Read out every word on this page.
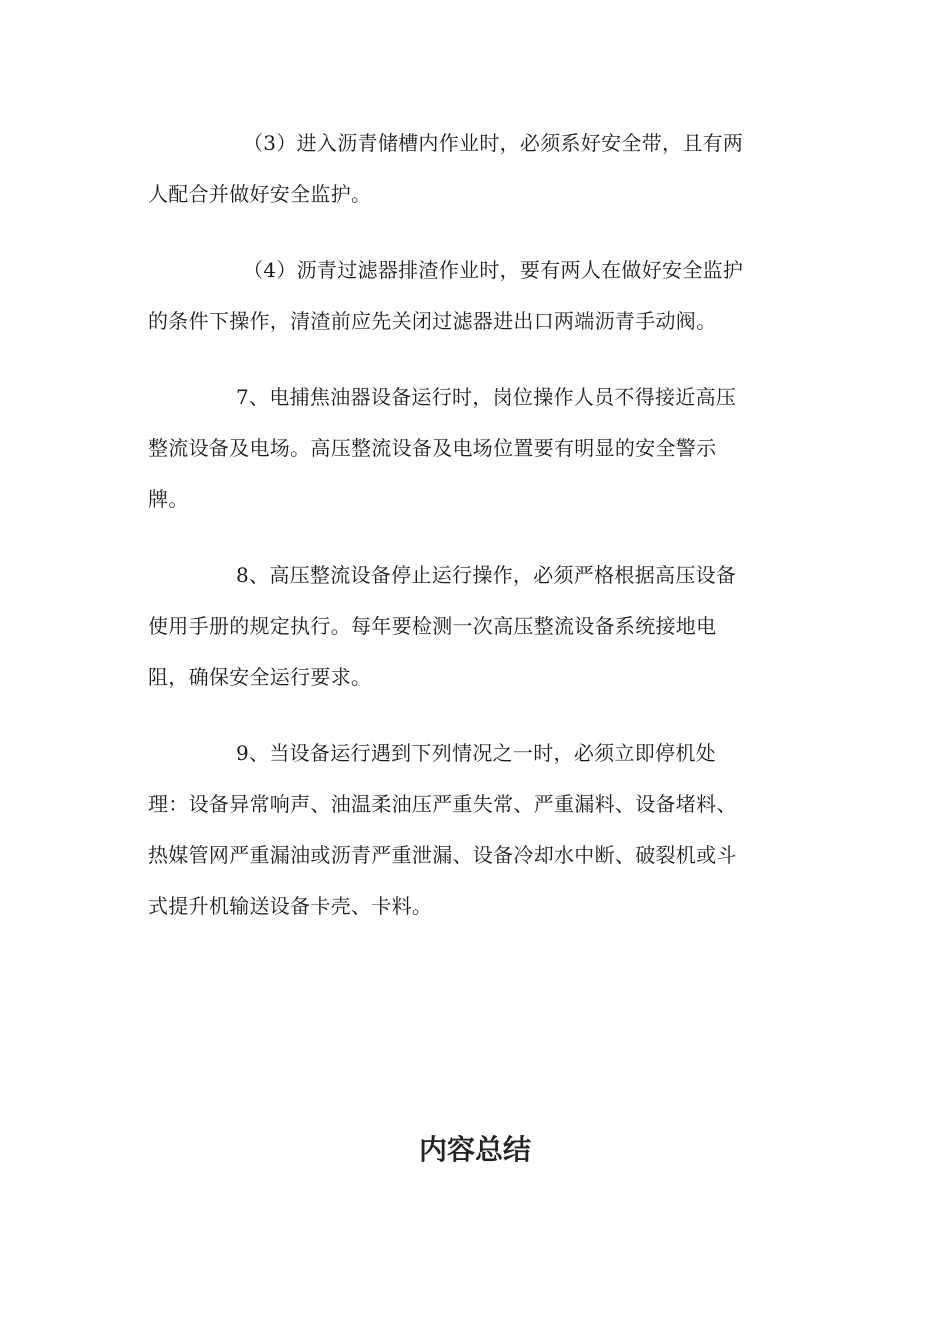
（3）进入沥青储槽内作业时，必须系好安全带，且有两
人配合并做好安全监护。

（4）沥青过滤器排渣作业时，要有两人在做好安全监护
的条件下操作，清渣前应先关闭过滤器进出口两端沥青手动阀。

7、电捕焦油器设备运行时，岗位操作人员不得接近高压
整流设备及电场。高压整流设备及电场位置要有明显的安全警示
牌。

8、高压整流设备停止运行操作，必须严格根据高压设备
使用手册的规定执行。每年要检测一次高压整流设备系统接地电
阻，确保安全运行要求。

9、当设备运行遇到下列情况之一时，必须立即停机处
理：设备异常响声、油温柔油压严重失常、严重漏料、设备堵料、
热媒管网严重漏油或沥青严重泄漏、设备冷却水中断、破裂机或斗
式提升机输送设备卡壳、卡料。

内容总结
